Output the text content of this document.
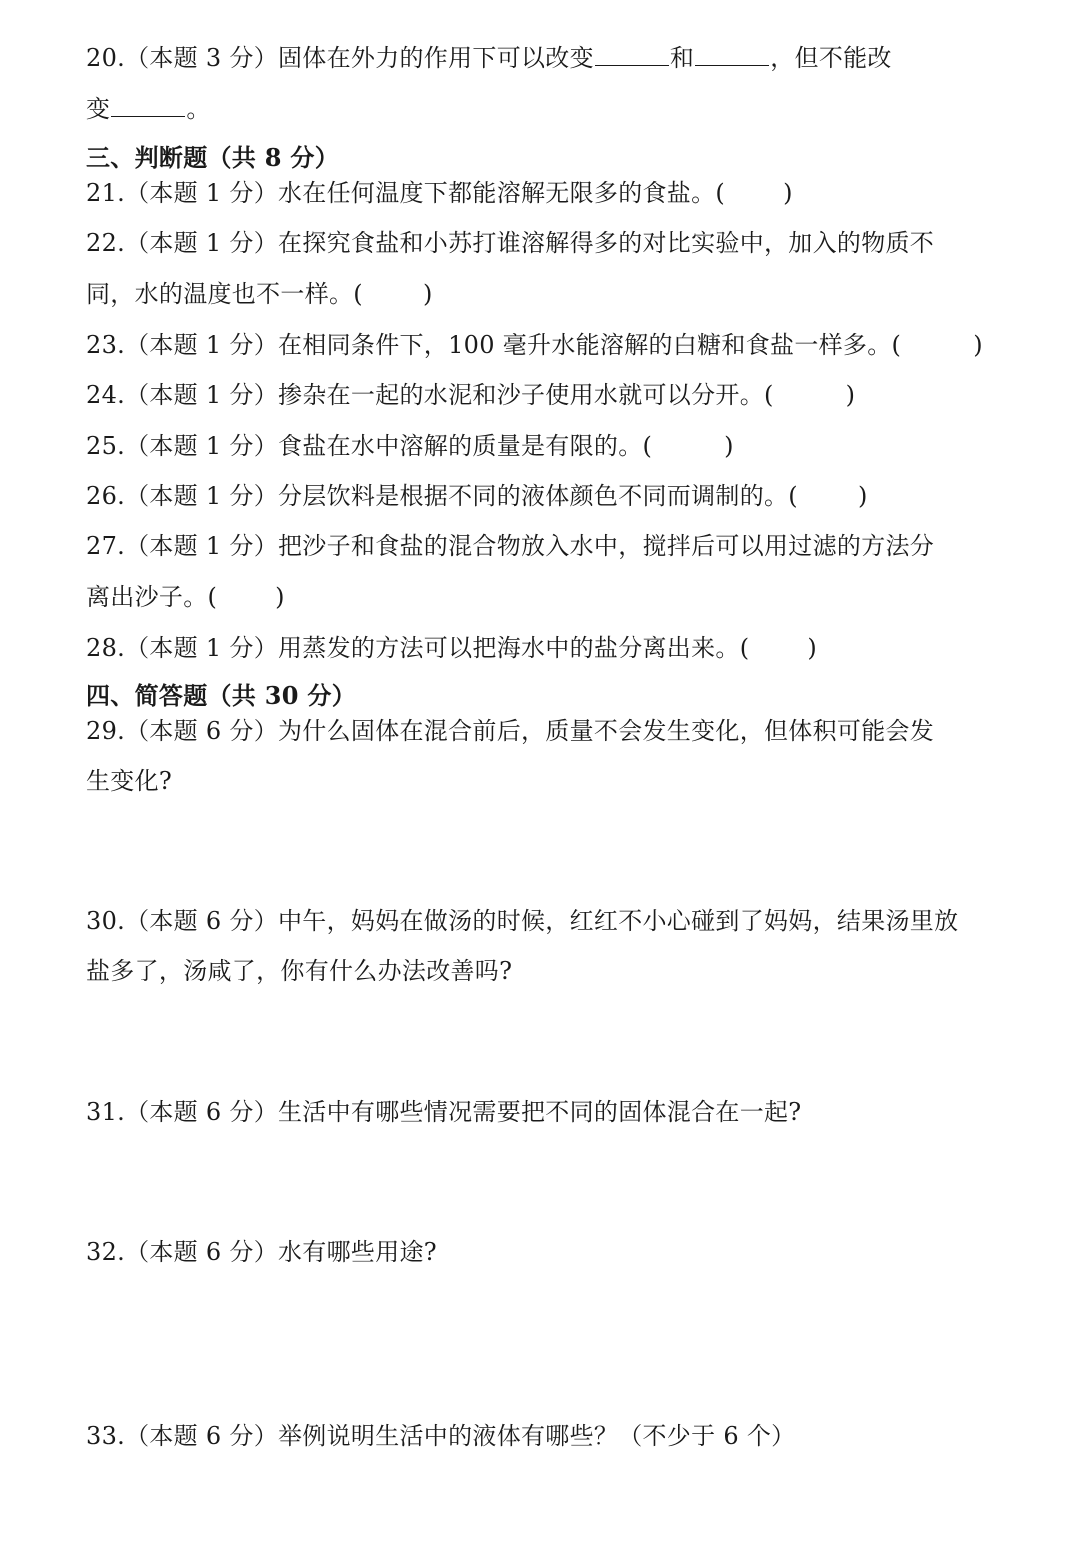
20.（本题 3 分）固体在外力的作用下可以改变	和	，但不能改
变	。
三、判断题（共 8 分）
21.（本题 1 分）水在任何温度下都能溶解无限多的食盐。( )
22.（本题 1 分）在探究食盐和小苏打谁溶解得多的对比实验中，加入的物质不
同，水的温度也不一样。(	)
23.（本题 1 分）在相同条件下，100 毫升水能溶解的白糖和食盐一样多。(	)
24.（本题 1 分）掺杂在一起的水泥和沙子使用水就可以分开。(	)
25.（本题 1 分）食盐在水中溶解的质量是有限的。(	)
26.（本题 1 分）分层饮料是根据不同的液体颜色不同而调制的。(	)
27.（本题 1 分）把沙子和食盐的混合物放入水中，搅拌后可以用过滤的方法分
离出沙子。( )
28.（本题 1 分）用蒸发的方法可以把海水中的盐分离出来。( )
四、简答题（共 30 分）
29.（本题 6 分）为什么固体在混合前后，质量不会发生变化，但体积可能会发
生变化?
30.（本题 6 分）中午，妈妈在做汤的时候，红红不小心碰到了妈妈，结果汤里放
盐多了，汤咸了，你有什么办法改善吗?
31.（本题 6 分）生活中有哪些情况需要把不同的固体混合在一起?
32.（本题 6 分）水有哪些用途?
33.（本题 6 分）举例说明生活中的液体有哪些？（不少于 6 个）
